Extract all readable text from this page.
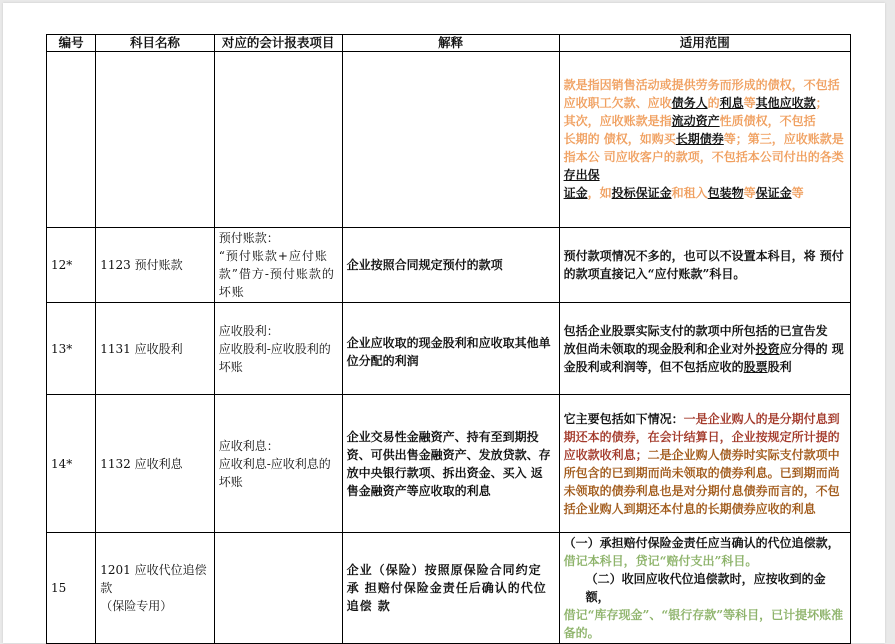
编号	科目名称	对应的会计报表项目	解释	适用范围
				款是指因销售活动或提供劳务而形成的债权，不包括
应收职工欠款、应收债务人的利息等其他应收款；
其次，应收账款是指流动资产性质债权，不包括
长期的 债权，如购买长期债券等；第三，应收账款是指本公 司应收客户的款项，不包括本公司付出的各类存出保
证金，如投标保证金和租入包装物等保证金等
12*	1123 预付账款	预付账款：
“预付账款+应付账款”借方-预付账款的坏账	企业按照合同规定预付的款项	预付款项情况不多的，也可以不设置本科目，将 预付的款项直接记入“应付账款”科目。
13*	1131 应收股利	应收股利：
应收股利-应收股利的 坏账	企业应收取的现金股利和应收取其他单位分配的利润	包括企业股票实际支付的款项中所包括的已宣告发
放但尚未领取的现金股利和企业对外投资应分得的 现金股利或利润等，但不包括应收的股票股利
14*	1132 应收利息	应收利息：
应收利息-应收利息的 坏账	企业交易性金融资产、持有至到期投资、可供出售金融资产、发放贷款、存放中央银行款项、拆出资金、买入 返售金融资产等应收取的利息	它主要包括如下情况：一是企业购人的是分期付息到 期还本的债券，在会计结算日，企业按规定所计提的 应收款收利息；二是企业购人债券时实际支付款项中 所包含的已到期而尚未领取的债券利息。已到期而尚 未领取的债券利息也是对分期付息债券而言的，不包 括企业购人到期还本付息的长期债券应收的利息
15	1201 应收代位追偿款
（保险专用）		企业（保险）按照原保险合同约定承 担赔付保险金责任后确认的代位追偿 款	（一）承担赔付保险金责任应当确认的代位追偿款，借记本科目，贷记“赔付支出”科目。
（二）收回应收代位追偿款时，应按收到的金额，借记“库存现金”、“银行存款”等科目，已计提坏账准备的。
